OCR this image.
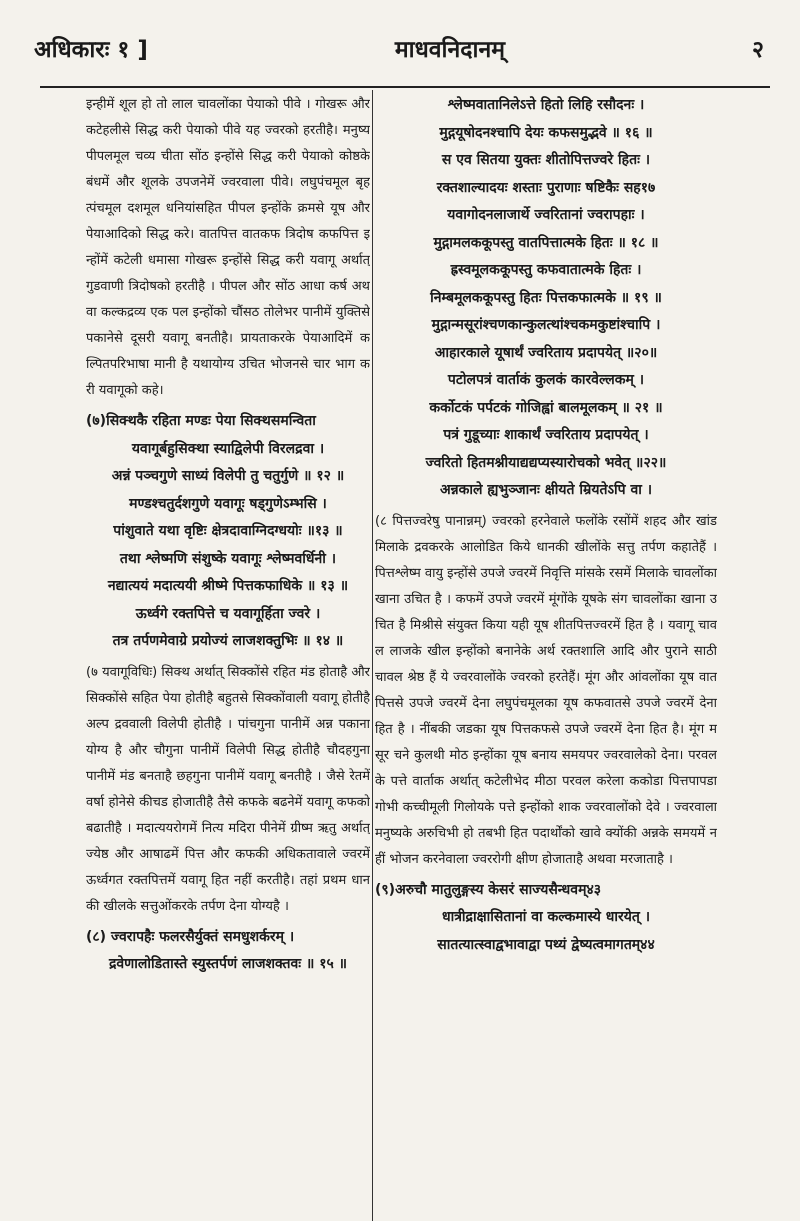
अधिकारः १ ]	माधवनिदानम्	२

इन्हीमें शूल हो तो लाल चावलोंका पेयाको पीवे । गोखरू और कटेहलीसे सिद्ध करी पेयाको पीवे यह ज्वरको हरतीहै। मनुष्य पीपलमूल चव्य चीता सोंठ इन्होंसे सिद्ध करी पेयाको कोष्ठके बंधमें और शूलके उपजनेमें ज्वरवाला पीवे। लघुपंचमूल बृहत्पंचमूल दशमूल धनियांसहित पीपल इन्होंके क्रमसे यूष और पेयाआदिको सिद्ध करे। वातपित्त वातकफ त्रिदोष कफपित्त इन्होंमें कटेली धमासा गोखरू इन्होंसे सिद्ध करी यवागू अर्थात् गुडवाणी त्रिदोषको हरतीहै । पीपल और सोंठ आधा कर्ष अथवा कल्कद्रव्य एक पल इन्होंको चौंसठ तोलेभर पानीमें युक्तिसे पकानेसे दूसरी यवागू बनतीहै। प्रायताकरके पेयाआदिमें कल्पितपरिभाषा मानी है यथायोग्य उचित भोजनसे चार भाग करी यवागूको कहे।

(७)सिक्थकै रहिता मण्डः पेया सिक्थसमन्विता

यवागूर्बहुसिक्था स्याद्विलेपी विरलद्रवा ।

अन्नं पञ्चगुणे साध्यं विलेपी तु चतुर्गुणे ॥ १२ ॥

मण्डश्चतुर्दशगुणे यवागूः षड्गुणेऽम्भसि ।

पांशुवाते यथा वृष्टिः क्षेत्रदावाग्निदग्धयोः ॥१३ ॥

तथा श्लेष्मणि संशुष्के यवागूः श्लेष्मवर्धिनी ।

नद्यात्ययं मदात्ययी श्रीष्मे पित्तकफाधिके ॥ १३ ॥

ऊर्ध्वगे रक्तपित्ते च यवागूर्हिता ज्वरे ।

तत्र तर्पणमेवाग्रे प्रयोज्यं लाजशक्तुभिः ॥ १४ ॥

(७ यवागूविधिः) सिक्थ अर्थात् सिक्कोंसे रहित मंड होताहै और सिक्कोंसे सहित पेया होतीहै बहुतसे सिक्कोंवाली यवागू होतीहै अल्प द्रववाली विलेपी होतीहै । पांचगुना पानीमें अन्न पकाना योग्य है और चौगुना पानीमें विलेपी सिद्ध होतीहै चौदहगुना पानीमें मंड बनताहै छहगुना पानीमें यवागू बनतीहै । जैसे रेतमें वर्षा होनेसे कीचड होजातीहै तैसे कफके बढनेमें यवागू कफको बढातीहै । मदात्ययरोगमें नित्य मदिरा पीनेमें ग्रीष्म ऋतु अर्थात् ज्येष्ठ और आषाढमें पित्त और कफकी अधिकतावाले ज्वरमें ऊर्ध्वगत रक्तपित्तमें यवागू हित नहीं करतीहै। तहां प्रथम धानकी खीलके सत्तुओंकरके तर्पण देना योग्यहै ।

(८) ज्वरापहैः फलरसैर्युक्तं समधुशर्करम् ।

द्रवेणालोडितास्ते स्युस्तर्पणं लाजशक्तवः ॥ १५ ॥

श्लेष्मवातानिलेऽत्ते हितो लिहि रसौदनः ।

मुद्गयूषोदनश्चापि देयः कफसमुद्भवे ॥ १६ ॥

स एव सितया युक्तः शीतोपित्तज्वरे हितः ।

रक्तशाल्यादयः शस्ताः पुराणाः षष्टिकैः सह१७

यवागोदनलाजार्थे ज्वरितानां ज्वरापहाः ।

मुद्गामलककूपस्तु वातपित्तात्मके हितः ॥ १८ ॥

ह्रस्वमूलककूपस्तु कफवातात्मके हितः ।

निम्बमूलककूपस्तु हितः पित्तकफात्मके ॥ १९ ॥

मुद्गान्मसूरांश्चणकान्कुलत्थांश्चकमकुष्टांश्चापि ।

आहारकाले यूषार्थं ज्वरिताय प्रदापयेत् ॥२०॥

पटोलपत्रं वार्ताकं कुलकं कारवेल्लकम् ।

कर्कोटकं पर्पटकं गोजिह्वां बालमूलकम् ॥ २१ ॥

पत्रं गुडूच्याः शाकार्थं ज्वरिताय प्रदापयेत् ।

ज्वरितो हितमश्नीयाद्यद्यप्यस्यारोचको भवेत् ॥२२॥

अन्नकाले ह्यभुञ्जानः क्षीयते म्रियतेऽपि वा ।

(८ पित्तज्वरेषु पानान्नम्) ज्वरको हरनेवाले फलोंके रसोंमें शहद और खांड मिलाके द्रवकरके आलोडित किये धानकी खीलोंके सत्तु तर्पण कहातेहैं । पित्तश्लेष्म वायु इन्होंसे उपजे ज्वरमें निवृत्ति मांसके रसमें मिलाके चावलोंका खाना उचित है । कफमें उपजे ज्वरमें मूंगोंके यूषके संग चावलोंका खाना उचित है मिश्रीसे संयुक्त किया यही यूष शीतपित्तज्वरमें हित है । यवागू चावल लाजके खील इन्होंको बनानेके अर्थ रक्तशालि आदि और पुराने साठी चावल श्रेष्ठ हैं ये ज्वरवालोंके ज्वरको हरतेहैं। मूंग और आंवलोंका यूष वातपित्तसे उपजे ज्वरमें देना लघुपंचमूलका यूष कफवातसे उपजे ज्वरमें देना हित है । नींबकी जडका यूष पित्तकफसे उपजे ज्वरमें देना हित है। मूंग मसूर चने कुलथी मोठ इन्होंका यूष बनाय समयपर ज्वरवालेको देना। परवलके पत्ते वार्ताक अर्थात् कटेलीभेद मीठा परवल करेला ककोडा पित्तपापडा गोभी कच्चीमूली गिलोयके पत्ते इन्होंको शाक ज्वरवालोंको देवे । ज्वरवाला मनुष्यके अरुचिभी हो तबभी हित पदार्थोंको खावे क्योंकी अन्नके समयमें नहीं भोजन करनेवाला ज्वररोगी क्षीण होजाताहै अथवा मरजाताहै ।

(९)अरुचौ मातुलुङ्गस्य केसरं साज्यसैन्धवम्४३

धात्रीद्राक्षासितानां वा कल्कमास्ये धारयेत् ।

सातत्यात्स्वाद्वभावाद्वा पथ्यं द्वेष्यत्वमागतम्४४
